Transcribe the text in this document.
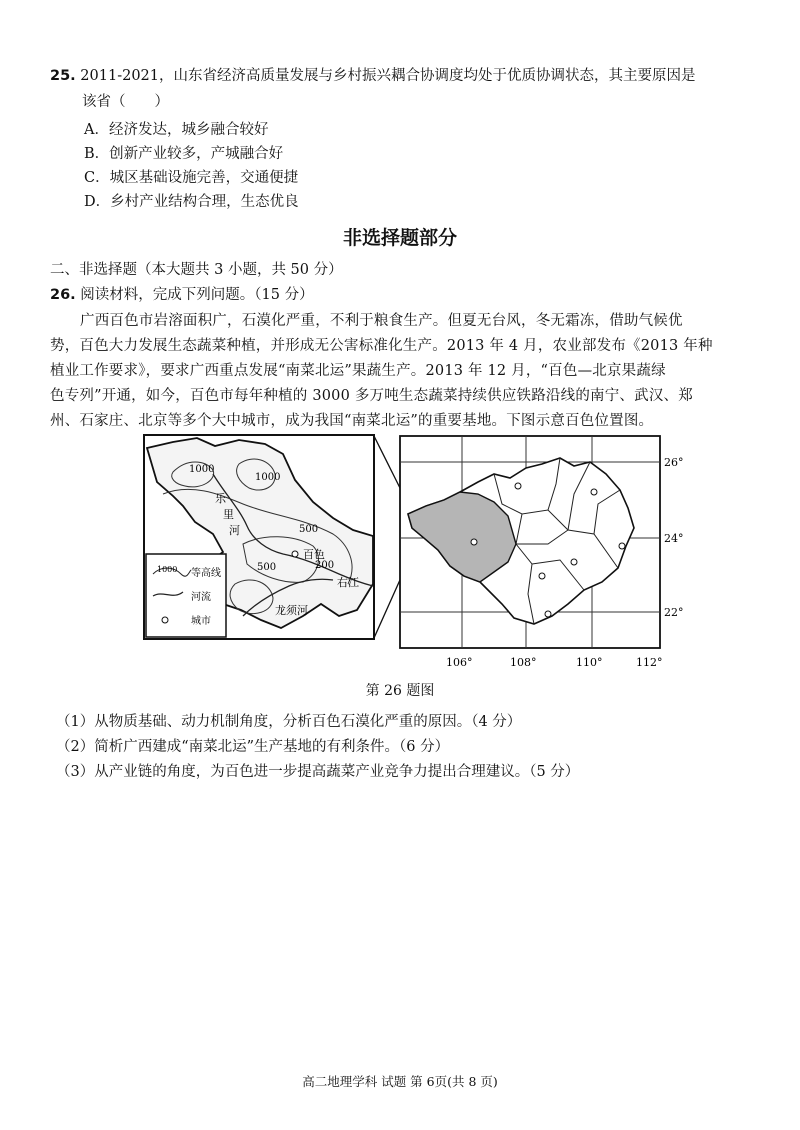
25. 2011-2021，山东省经济高质量发展与乡村振兴耦合协调度均处于优质协调状态，其主要原因是
该省（　　）
A．经济发达，城乡融合较好
B．创新产业较多，产城融合好
C．城区基础设施完善，交通便捷
D．乡村产业结构合理，生态优良
非选择题部分
二、非选择题（本大题共 3 小题，共 50 分）
26. 阅读材料，完成下列问题。（15 分）
广西百色市岩溶面积广，石漠化严重，不利于粮食生产。但夏无台风，冬无霜冻，借助气候优
势，百色大力发展生态蔬菜种植，并形成无公害标准化生产。2013 年 4 月，农业部发布《2013 年种
植业工作要求》，要求广西重点发展“南菜北运”果蔬生产。2013 年 12 月，“百色—北京果蔬绿
色专列”开通，如今，百色市每年种植的 3000 多万吨生态蔬菜持续供应铁路沿线的南宁、武汉、郑
州、石家庄、北京等多个大中城市，成为我国“南菜北运”的重要基地。下图示意百色位置图。
1000
1000
500
500	200
乐
里
河
百色
龙须河
右江
1000 等高线
河流
城市
26°
24°
22°
106°	108°	110°	112°
第 26 题图
（1）从物质基础、动力机制角度，分析百色石漠化严重的原因。（4 分）
（2）简析广西建成“南菜北运”生产基地的有利条件。（6 分）
（3）从产业链的角度，为百色进一步提高蔬菜产业竞争力提出合理建议。（5 分）
高二地理学科 试题 第 6页(共 8 页)
